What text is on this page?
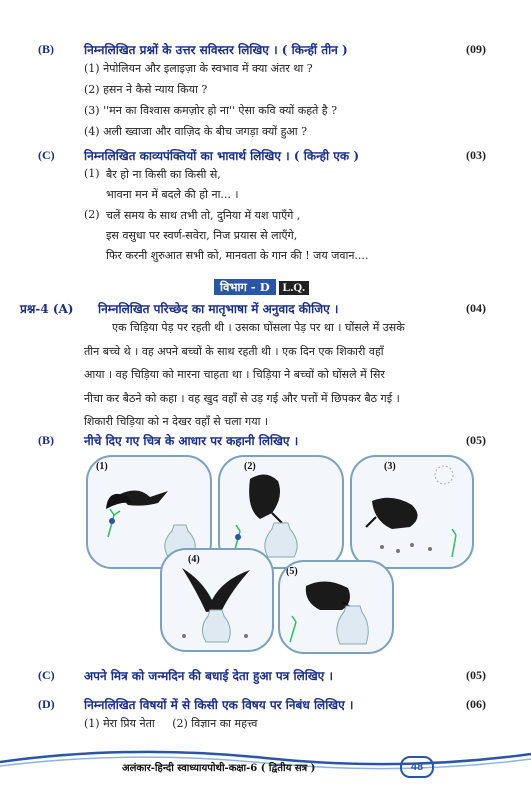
(B)	निम्नलिखित प्रश्नों के उत्तर सविस्तर लिखिए । ( किन्हीं तीन )	(09)
(1) नेपोलियन और इलाइज़ा के स्वभाव में क्या अंतर था ?
(2) हसन ने कैसे न्याय किया ?
(3) ''मन का विश्वास कमज़ोर हो ना'' ऐसा कवि क्यों कहते है ?
(4) अली ख्वाजा और वाज़िद के बीच जगड़ा क्यों हुआ ?
(C) निम्नलिखित काव्यपंक्तियों का भावार्थ लिखिए । ( किन्ही एक )	(03)
(1) बैर हो ना किसी का किसी से,
भावना मन में बदले की हो ना... ।
(2) चलें समय के साथ तभी तो, दुनिया में यश पाएँगे ,
इस वसुधा पर स्वर्ण-सवेरा, निज प्रयास से लाएँगे,
फिर करनी शुरुआत सभी को, मानवता के गान की ! जय जवान....
विभाग - D L.Q.
प्रश्न-4 (A) निम्नलिखित परिच्छेद का मातृभाषा में अनुवाद कीजिए ।	(04)
एक चिड़िया पेड़ पर रहती थी । उसका घोंसला पेड़ पर था । घोंसले में उसके
तीन बच्चे थे । वह अपने बच्चों के साथ रहती थी । एक दिन एक शिकारी वहाँ
आया । वह चिड़िया को मारना चाहता था । चिड़िया ने बच्चों को घोंसले में सिर
नीचा कर बैठने को कहा । वह खुद वहाँ से उड़ गई और पत्तों में छिपकर बैठ गई ।
शिकारी चिड़िया को न देखर वहाँ से चला गया ।
(B)	नीचे दिए गए चित्र के आधार पर कहानी लिखिए ।	(05)
(1)	(2)	(3)
(4)
(5)
(C) अपने मित्र को जन्मदिन की बधाई देता हुआ पत्र लिखिए ।	(05)
(D) निम्नलिखित विषयों में से किसी एक विषय पर निबंध लिखिए ।	(06)
(1) मेरा प्रिय नेता     (2) विज्ञान का महत्त्व
अलंकार-हिन्दी स्वाध्यायपोथी-कक्षा-6 ( द्वितीय सत्र )	48
